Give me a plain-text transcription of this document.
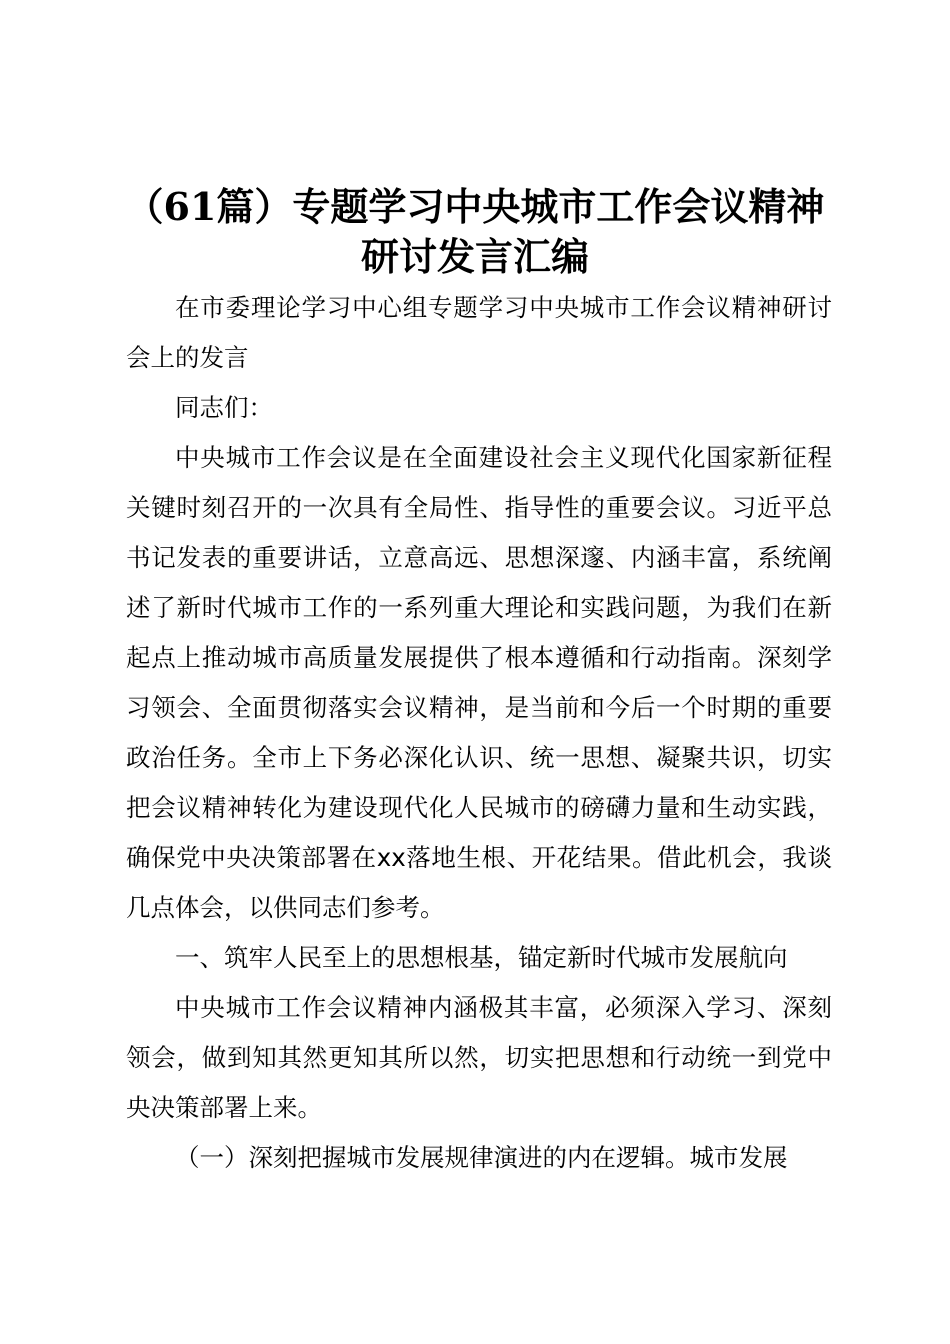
（61篇）专题学习中央城市工作会议精神研讨发言汇编

在市委理论学习中心组专题学习中央城市工作会议精神研讨会上的发言

同志们：

中央城市工作会议是在全面建设社会主义现代化国家新征程关键时刻召开的一次具有全局性、指导性的重要会议。习近平总书记发表的重要讲话，立意高远、思想深邃、内涵丰富，系统阐述了新时代城市工作的一系列重大理论和实践问题，为我们在新起点上推动城市高质量发展提供了根本遵循和行动指南。深刻学习领会、全面贯彻落实会议精神，是当前和今后一个时期的重要政治任务。全市上下务必深化认识、统一思想、凝聚共识，切实把会议精神转化为建设现代化人民城市的磅礴力量和生动实践，确保党中央决策部署在xx落地生根、开花结果。借此机会，我谈几点体会，以供同志们参考。

一、筑牢人民至上的思想根基，锚定新时代城市发展航向

中央城市工作会议精神内涵极其丰富，必须深入学习、深刻领会，做到知其然更知其所以然，切实把思想和行动统一到党中央决策部署上来。

（一）深刻把握城市发展规律演进的内在逻辑。城市发展
